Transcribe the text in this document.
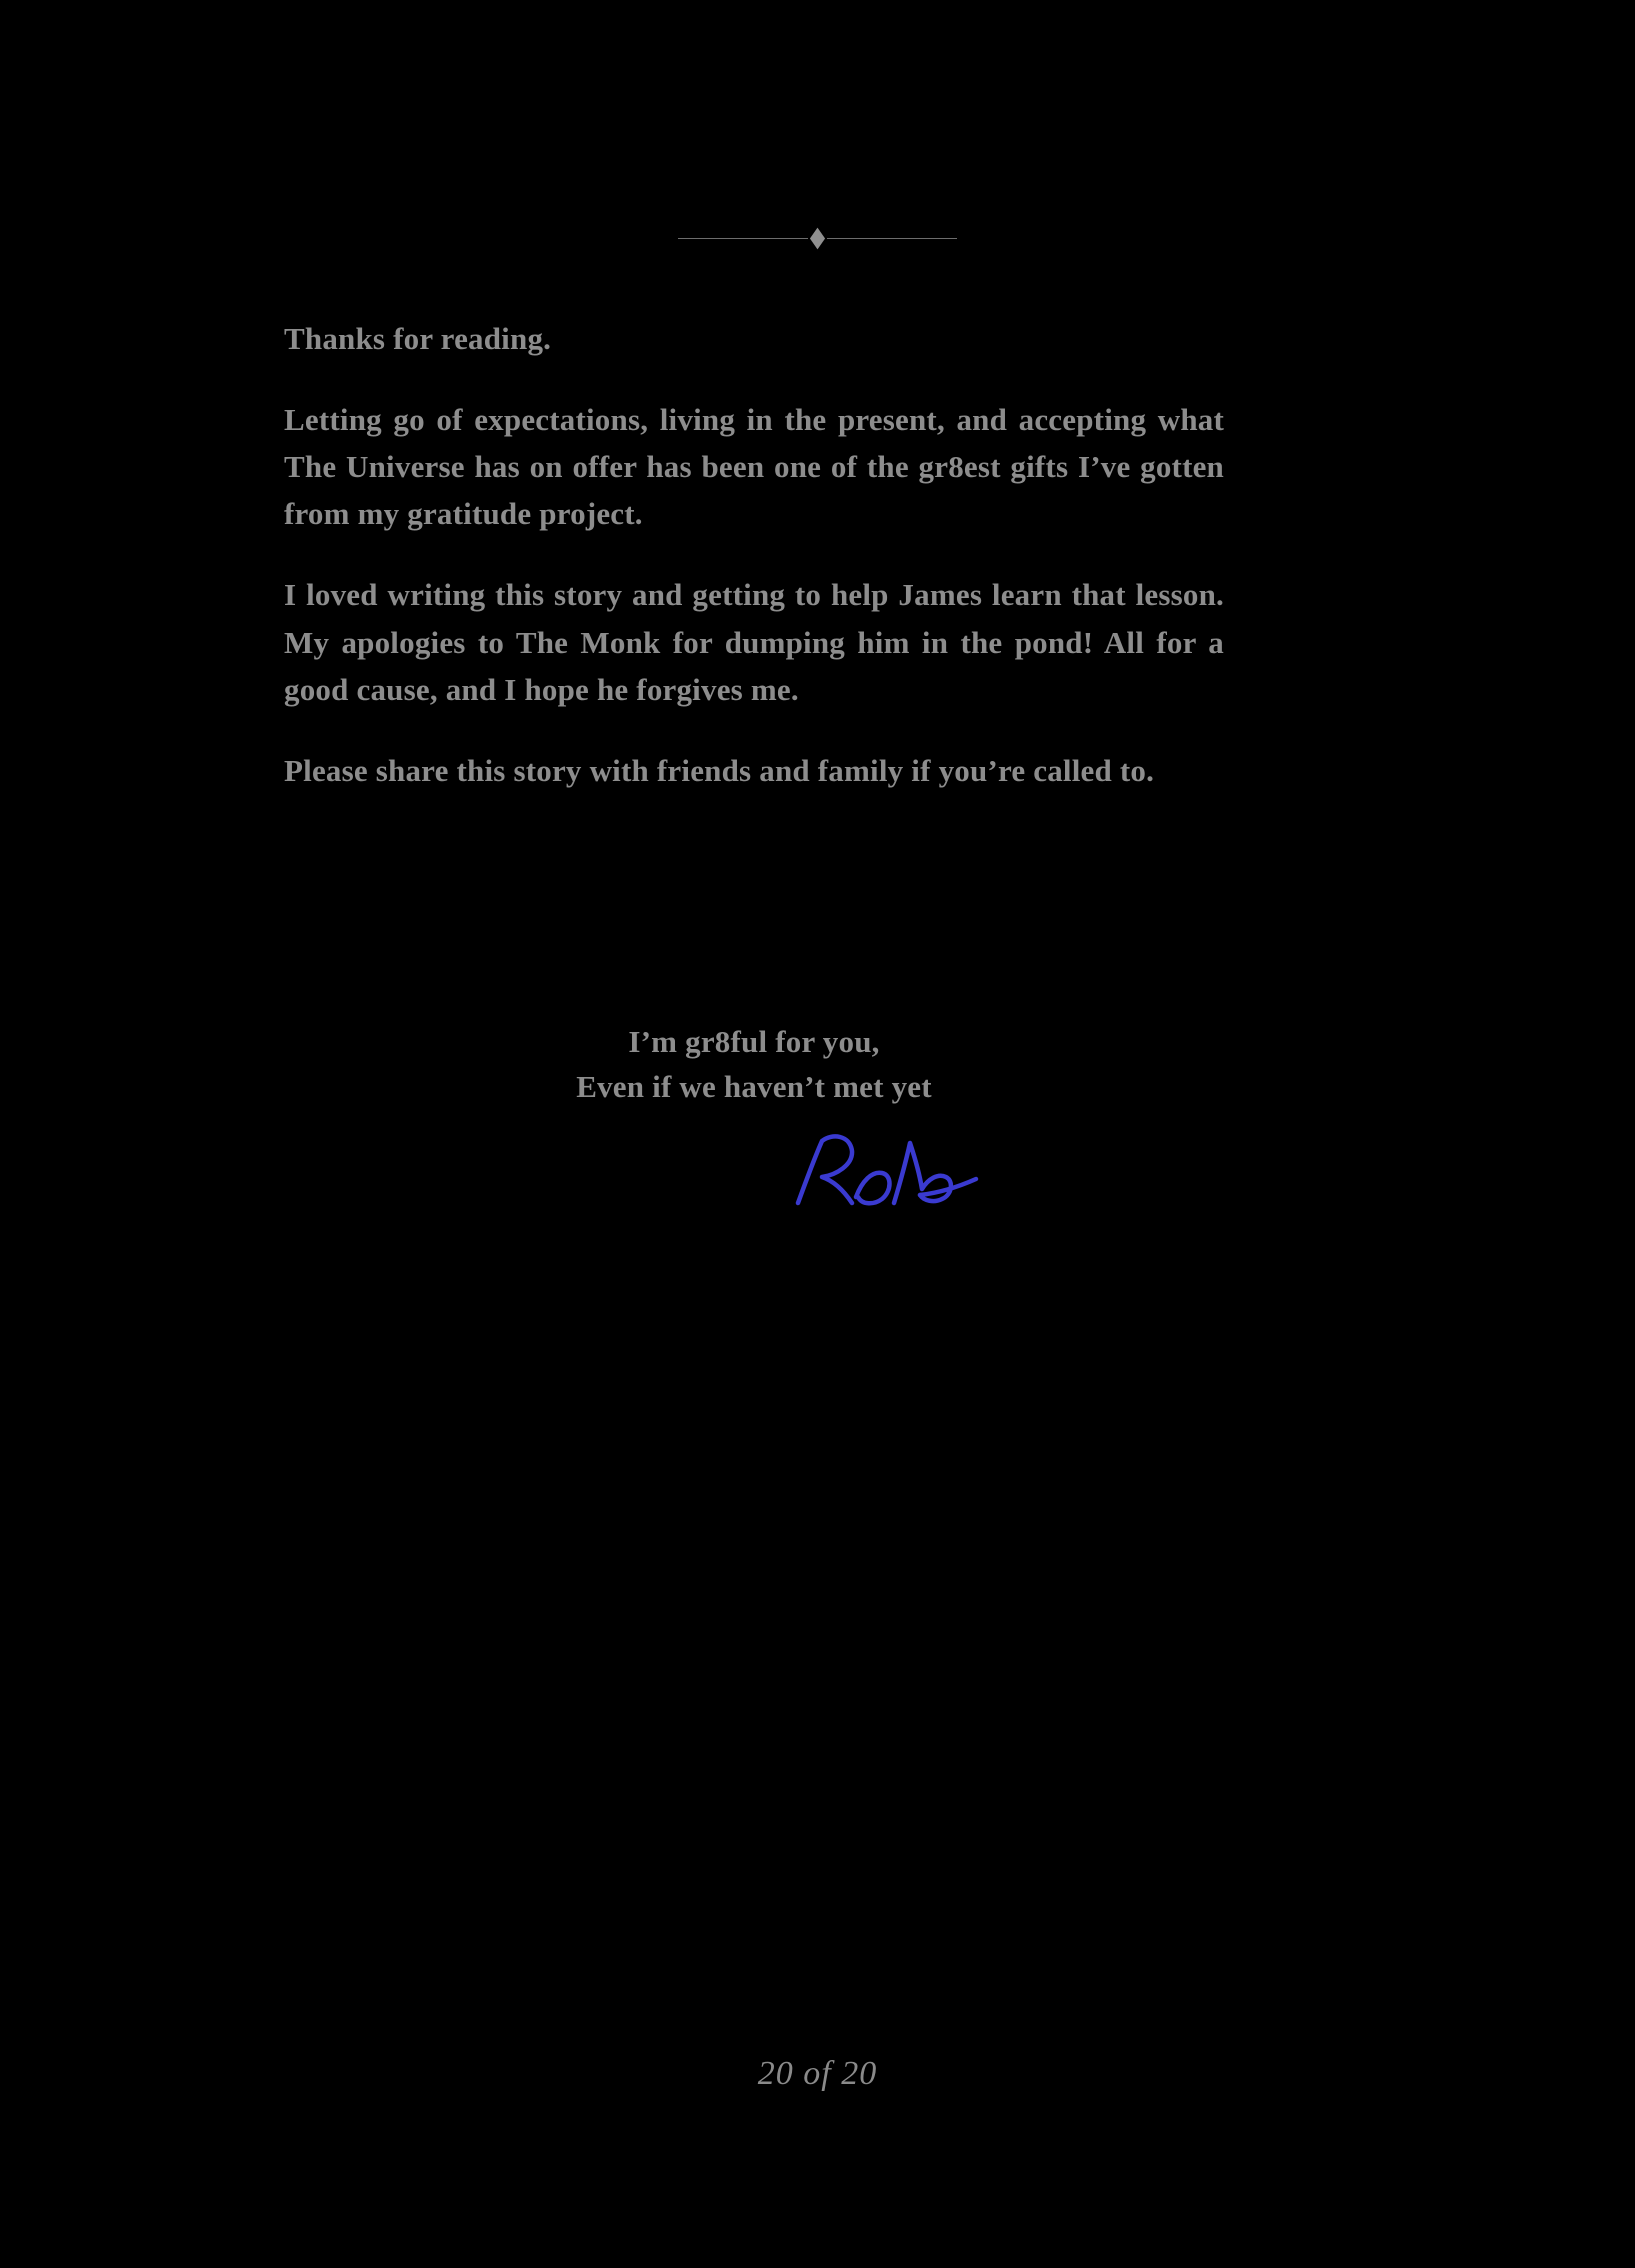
Thanks for reading.

Letting go of expectations, living in the present, and accepting what The Universe has on offer has been one of the gr8est gifts I’ve gotten from my gratitude project.

I loved writing this story and getting to help James learn that lesson. My apologies to The Monk for dumping him in the pond! All for a good cause, and I hope he forgives me.

Please share this story with friends and family if you’re called to.

I’m gr8ful for you,
Even if we haven’t met yet
20 of 20
